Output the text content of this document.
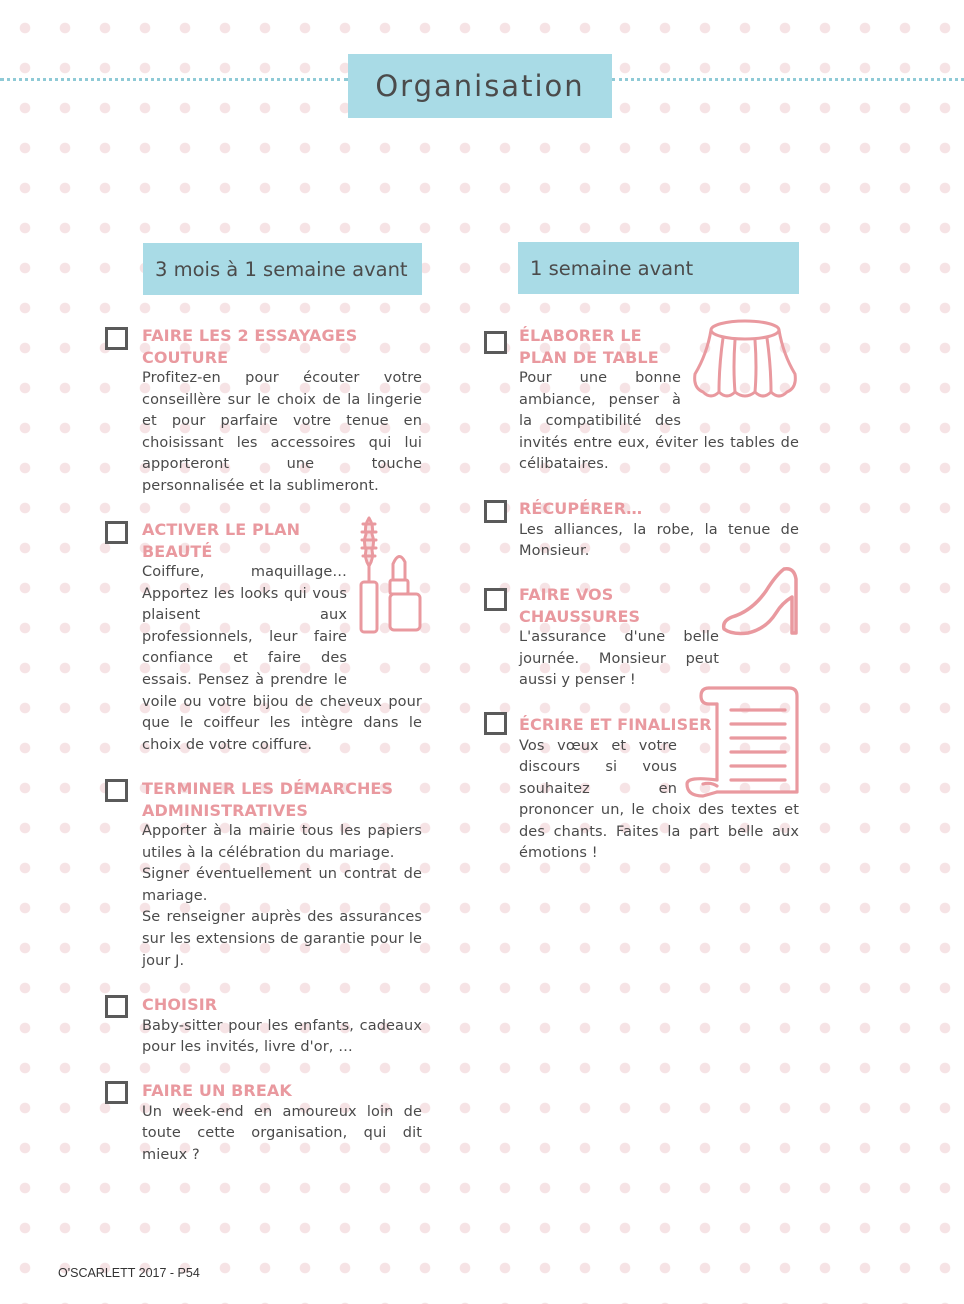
Organisation
3 mois à 1 semaine avant	1 semaine avant
FAIRE LES 2 ESSAYAGES COUTURE
Profitez-en pour écouter votre conseillère sur le choix de la lingerie et pour parfaire votre tenue en choisissant les accessoires qui lui apporteront une touche personnalisée et la sublimeront.
ACTIVER LE PLAN BEAUTÉ
Coiffure, maquillage… Apportez les looks qui vous plaisent aux professionnels, leur faire confiance et faire des essais. Pensez à prendre le voile ou votre bijou de cheveux pour que le coiffeur les intègre dans le choix de votre coiffure.
TERMINER LES DÉMARCHES ADMINISTRATIVES
Apporter à la mairie tous les papiers utiles à la célébration du mariage.
Signer éventuellement un contrat de mariage.
Se renseigner auprès des assurances sur les extensions de garantie pour le jour J.
CHOISIR
Baby-sitter pour les enfants, cadeaux pour les invités, livre d'or, …
FAIRE UN BREAK
Un week-end en amoureux loin de toute cette organisation, qui dit mieux ?
ÉLABORER LE PLAN DE TABLE
Pour une bonne ambiance, penser à la compatibilité des invités entre eux, éviter les tables de célibataires.
RÉCUPÉRER…
Les alliances, la robe, la tenue de Monsieur.
FAIRE VOS CHAUSSURES
L'assurance d'une belle journée. Monsieur peut aussi y penser !
ÉCRIRE ET FINALISER
Vos vœux et votre discours si vous souhaitez en prononcer un, le choix des textes et des chants. Faites la part belle aux émotions !
O'SCARLETT 2017 - P54
